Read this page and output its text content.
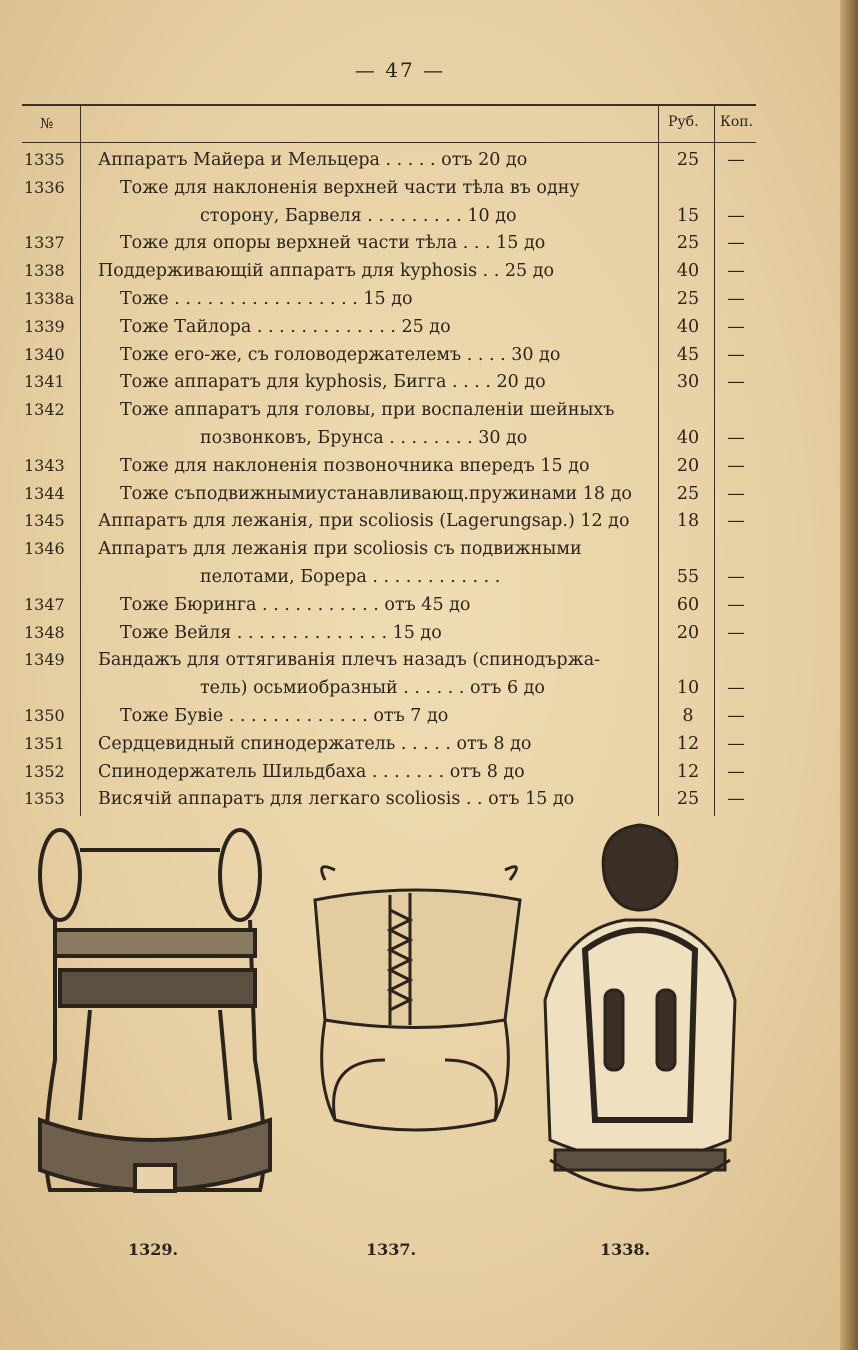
— 47 —
№	Руб. Коп.
1335	Аппаратъ Майера и Мельцера . . . . . отъ 20 до	25	—
1336	Тоже для наклоненія верхней части тѣла въ одну
сторону, Барвеля . . . . . . . . . 10 до	15	—
1337	Тоже для опоры верхней части тѣла . . . 15 до	25	—
1338	Поддерживающій аппаратъ для kyphosis . . 25 до	40	—
1338a	Тоже . . . . . . . . . . . . . . . . . 15 до	25	—
1339	Тоже Тайлора . . . . . . . . . . . . . 25 до	40	—
1340	Тоже его-же, съ головодержателемъ . . . . 30 до	45	—
1341	Тоже аппаратъ для kyphosis, Бигга . . . . 20 до	30	—
1342	Тоже аппаратъ для головы, при воспаленіи шейныхъ
позвонковъ, Брунса . . . . . . . . 30 до	40	—
1343	Тоже для наклоненія позвоночника впередъ 15 до	20	—
1344	Тоже съподвижнымиустанавливающ.пружинами 18 до	25	—
1345	Аппаратъ для лежанія, при scoliosis (Lagerungsap.) 12 до	18	—
1346	Аппаратъ для лежанія при scoliosis съ подвижными
пелотами, Борера . . . . . . . . . . . .	55	—
1347	Тоже Бюринга . . . . . . . . . . . отъ 45 до	60	—
1348	Тоже Вейля . . . . . . . . . . . . . . 15 до	20	—
1349	Бандажъ для оттягиванія плечъ назадъ (спинодържа-
тель) осьмиобразный . . . . . . отъ 6 до	10	—
1350	Тоже Бувіе . . . . . . . . . . . . . отъ 7 до	8	—
1351	Сердцевидный спинодержатель . . . . . отъ 8 до	12	—
1352	Спинодержатель Шильдбаха . . . . . . . отъ 8 до	12	—
1353	Висячій аппаратъ для легкаго scoliosis . . отъ 15 до	25	—
1329.	1337.	1338.
